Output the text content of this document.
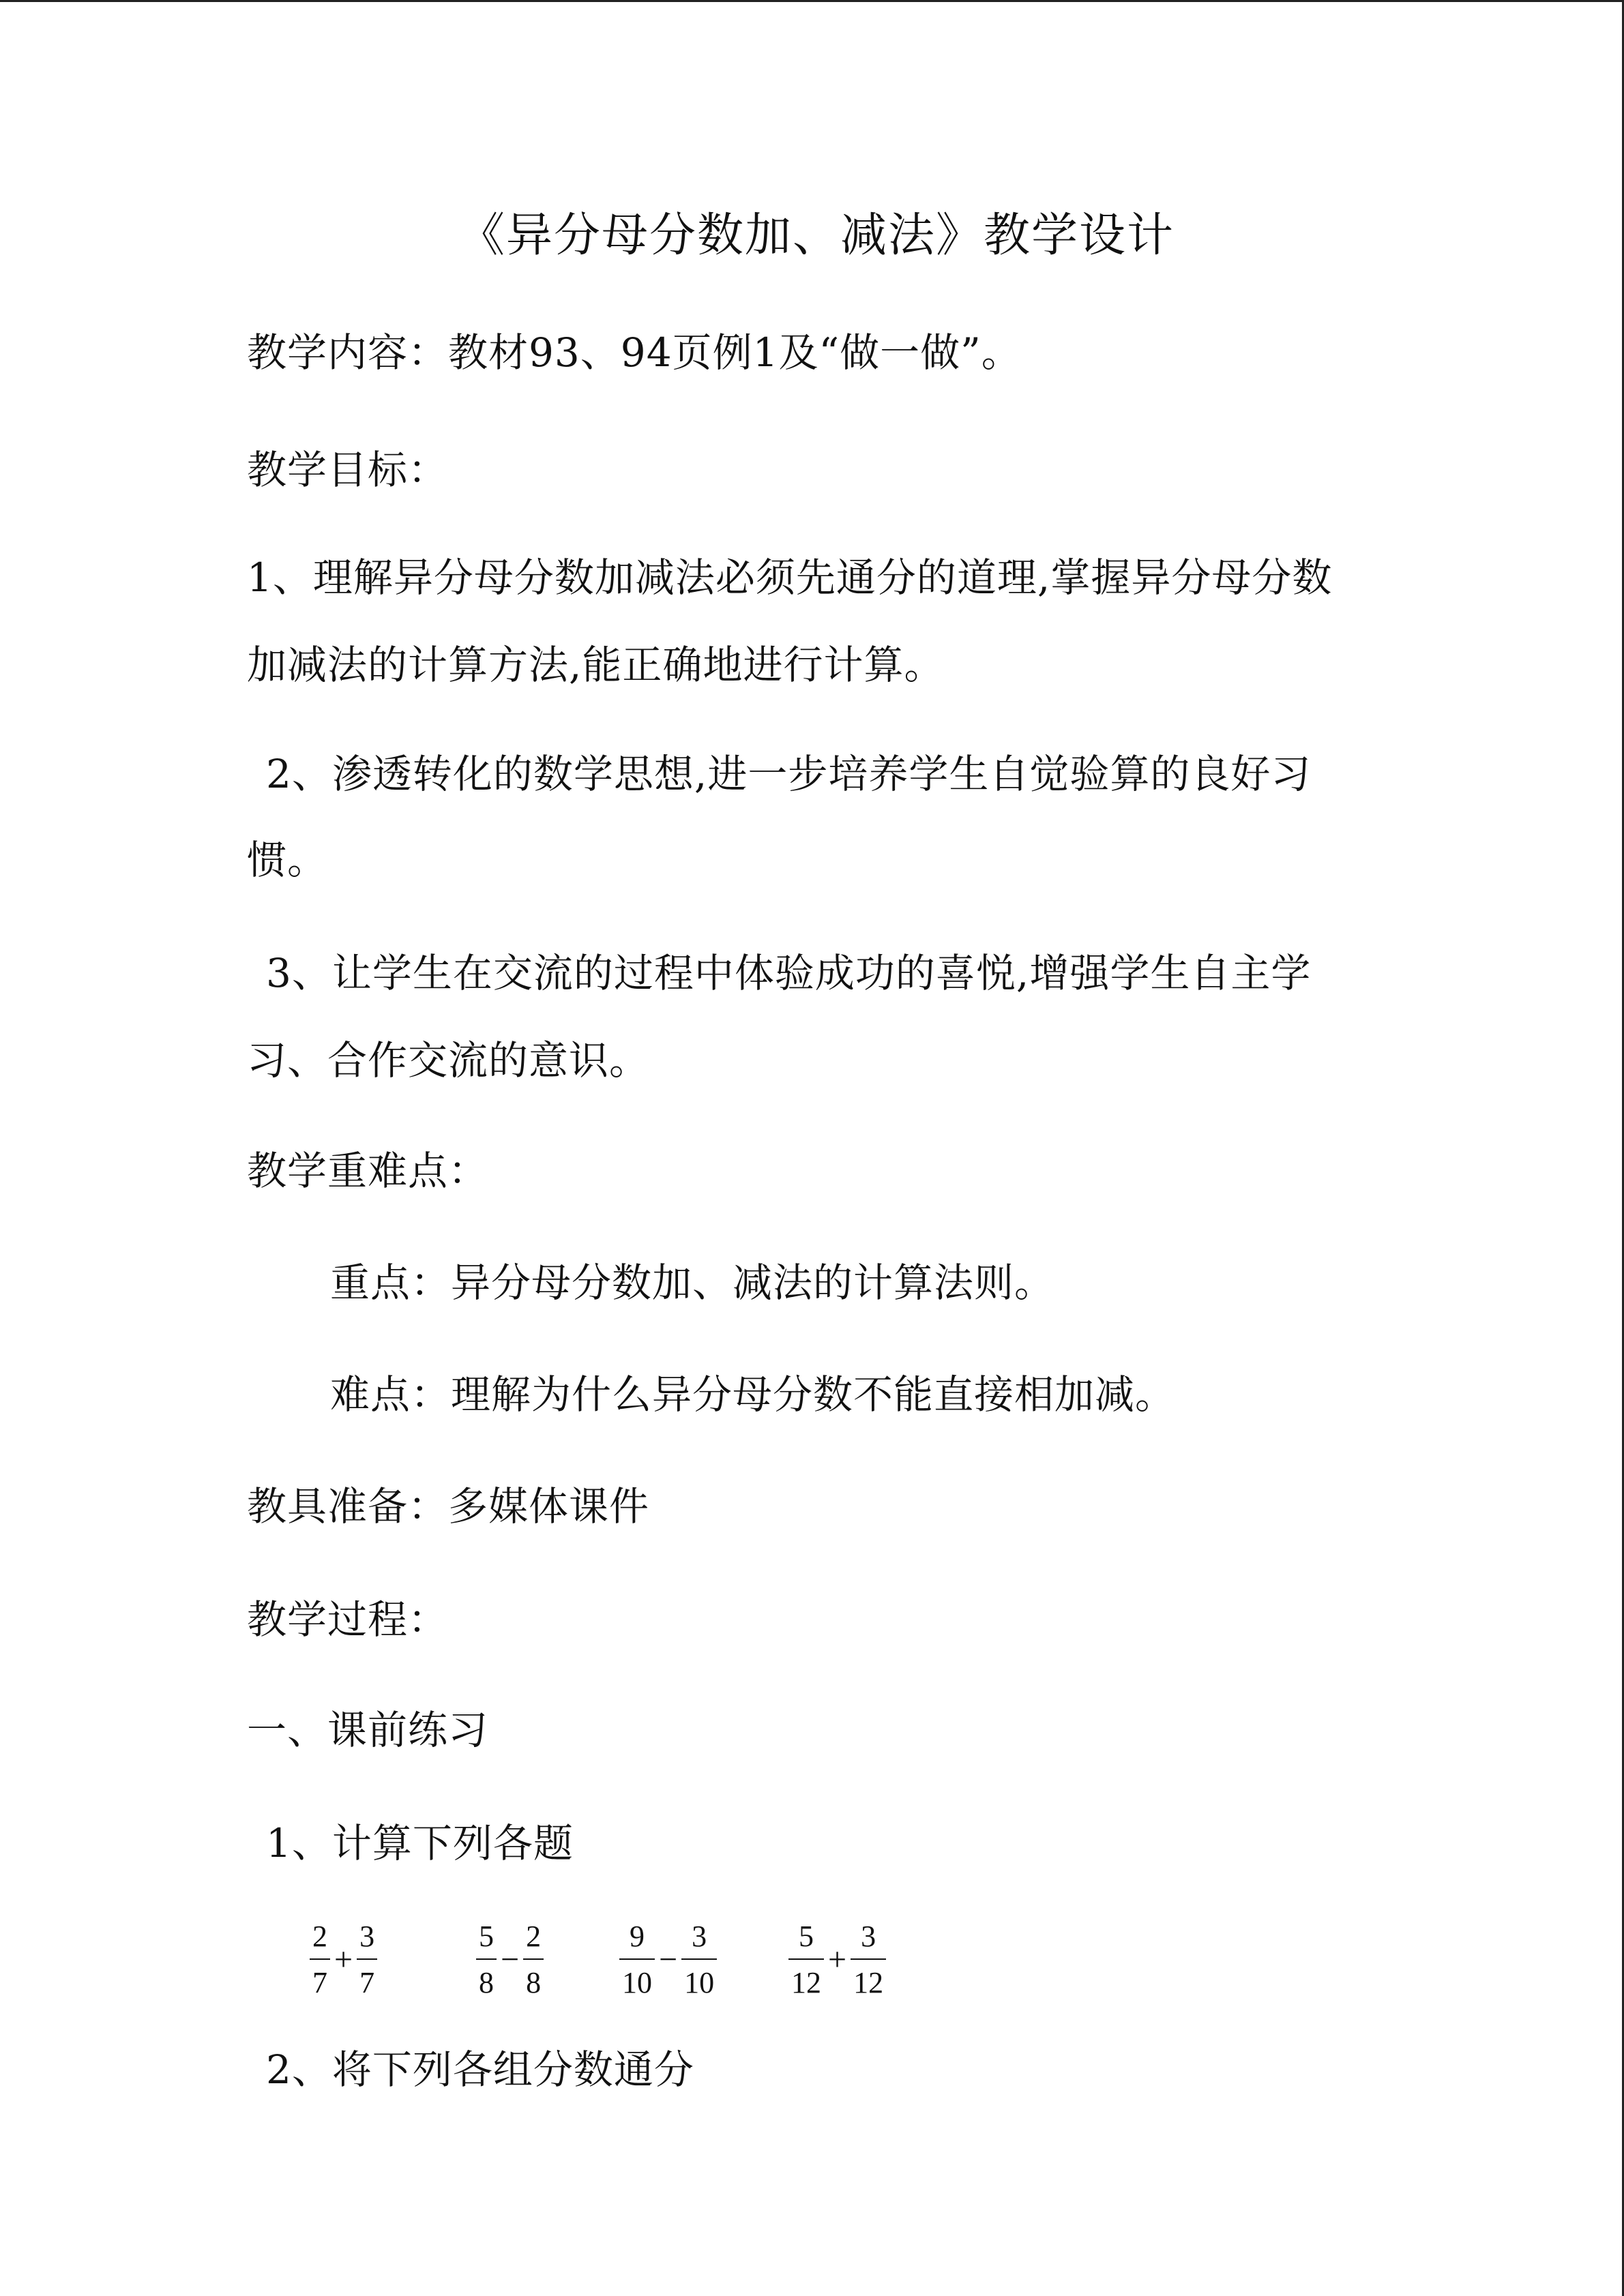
《异分母分数加、减法》教学设计
教学内容：教材93、94页例1及“做一做”。
教学目标：
1、理解异分母分数加减法必须先通分的道理,掌握异分母分数
加减法的计算方法,能正确地进行计算。
2、渗透转化的数学思想,进一步培养学生自觉验算的良好习
惯。
3、让学生在交流的过程中体验成功的喜悦,增强学生自主学
习、合作交流的意识。
教学重难点：
重点：异分母分数加、减法的计算法则。
难点：理解为什么异分母分数不能直接相加减。
教具准备：多媒体课件
教学过程：
一、课前练习
1、计算下列各题
$\frac{2}{7} + \frac{3}{7}$	$\frac{5}{8} - \frac{2}{8}$	$\frac{9}{10} - \frac{3}{10} \frac{5}{12} + \frac{3}{12}$
2、将下列各组分数通分
